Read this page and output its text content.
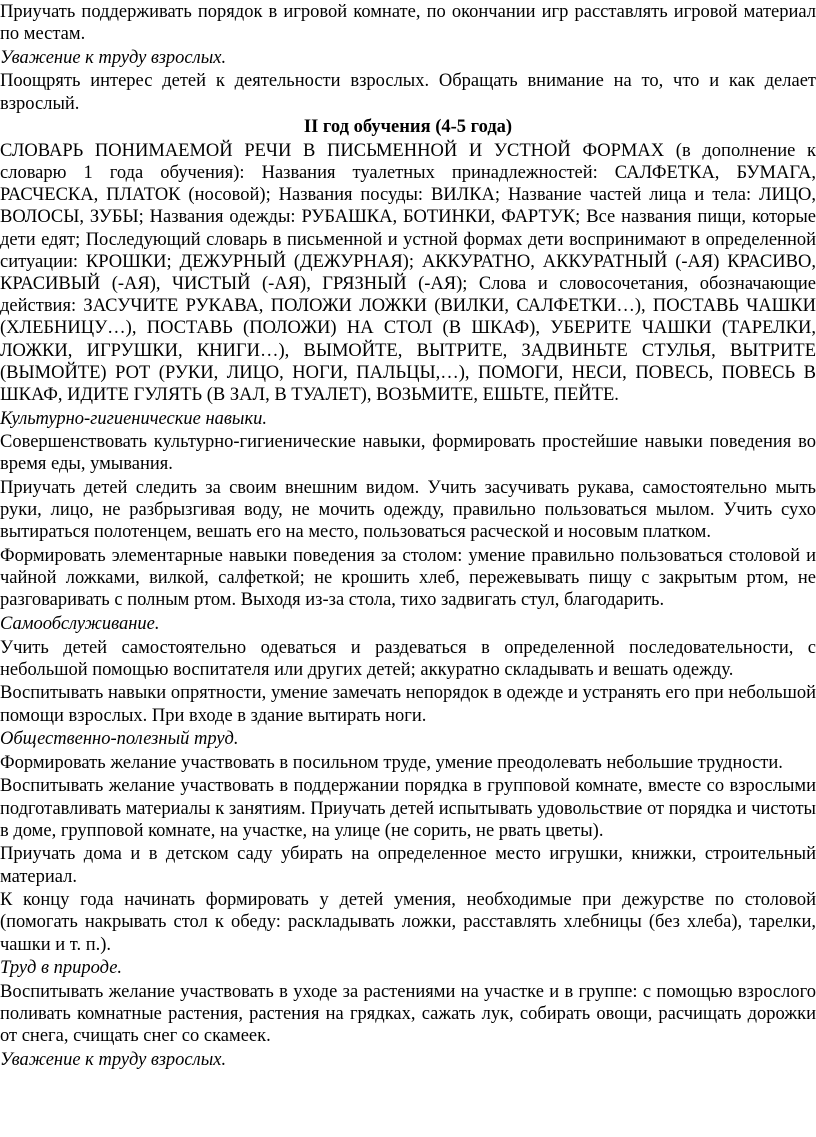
Приучать поддерживать порядок в игровой комнате, по окончании игр расставлять игровой материал по местам.

Уважение к труду взрослых.

Поощрять интерес детей к деятельности взрослых. Обращать внимание на то, что и как делает взрослый.

II год обучения (4-5 года)

СЛОВАРЬ ПОНИМАЕМОЙ РЕЧИ В ПИСЬМЕННОЙ И УСТНОЙ ФОРМАХ (в дополнение к словарю 1 года обучения): Названия туалетных принадлежностей: САЛФЕТКА, БУМАГА, РАСЧЕСКА, ПЛАТОК (носовой); Названия посуды: ВИЛКА; Название частей лица и тела: ЛИЦО, ВОЛОСЫ, ЗУБЫ; Названия одежды: РУБАШКА, БОТИНКИ, ФАРТУК; Все названия пищи, которые дети едят; Последующий словарь в письменной и устной формах дети воспринимают в определенной ситуации: КРОШКИ; ДЕЖУРНЫЙ (ДЕЖУРНАЯ); АККУРАТНО, АККУРАТНЫЙ (-АЯ) КРАСИВО, КРАСИВЫЙ (-АЯ), ЧИСТЫЙ (-АЯ), ГРЯЗНЫЙ (-АЯ); Слова и словосочетания, обозначающие действия: ЗАСУЧИТЕ РУКАВА, ПОЛОЖИ ЛОЖКИ (ВИЛКИ, САЛФЕТКИ…), ПОСТАВЬ ЧАШКИ (ХЛЕБНИЦУ…), ПОСТАВЬ (ПОЛОЖИ) НА СТОЛ (В ШКАФ), УБЕРИТЕ ЧАШКИ (ТАРЕЛКИ, ЛОЖКИ, ИГРУШКИ, КНИГИ…), ВЫМОЙТЕ, ВЫТРИТЕ, ЗАДВИНЬТЕ СТУЛЬЯ, ВЫТРИТЕ (ВЫМОЙТЕ) РОТ (РУКИ, ЛИЦО, НОГИ, ПАЛЬЦЫ,…), ПОМОГИ, НЕСИ, ПОВЕСЬ, ПОВЕСЬ В ШКАФ, ИДИТЕ ГУЛЯТЬ (В ЗАЛ, В ТУАЛЕТ), ВОЗЬМИТЕ, ЕШЬТЕ, ПЕЙТЕ.

Культурно-гигиенические навыки.

Совершенствовать культурно-гигиенические навыки, формировать простейшие навыки поведения во время еды, умывания.

Приучать детей следить за своим внешним видом. Учить засучивать рукава, самостоятельно мыть руки, лицо, не разбрызгивая воду, не мочить одежду, правильно пользоваться мылом. Учить сухо вытираться полотенцем, вешать его на место, пользоваться расческой и носовым платком.

Формировать элементарные навыки поведения за столом: умение правильно пользоваться столовой и чайной ложками, вилкой, салфеткой; не крошить хлеб, пережевывать пищу с закрытым ртом, не разговаривать с полным ртом. Выходя из-за стола, тихо задвигать стул, благодарить.

Самообслуживание.

Учить детей самостоятельно одеваться и раздеваться в определенной последовательности, с небольшой помощью воспитателя или других детей; аккуратно складывать и вешать одежду.

Воспитывать навыки опрятности, умение замечать непорядок в одежде и устранять его при небольшой помощи взрослых. При входе в здание вытирать ноги.

Общественно-полезный труд.

Формировать желание участвовать в посильном труде, умение преодолевать небольшие трудности.

Воспитывать желание участвовать в поддержании порядка в групповой комнате, вместе со взрослыми подготавливать материалы к занятиям. Приучать детей испытывать удовольствие от порядка и чистоты в доме, групповой комнате, на участке, на улице (не сорить, не рвать цветы).

Приучать дома и в детском саду убирать на определенное место игрушки, книжки, строительный материал.

К концу года начинать формировать у детей умения, необходимые при дежурстве по столовой (помогать накрывать стол к обеду: раскладывать ложки, расставлять хлебницы (без хлеба), тарелки, чашки и т. п.).

Труд в природе.

Воспитывать желание участвовать в уходе за растениями на участке и в группе: с помощью взрослого поливать комнатные растения, растения на грядках, сажать лук, собирать овощи, расчищать дорожки от снега, счищать снег со скамеек.

Уважение к труду взрослых.
